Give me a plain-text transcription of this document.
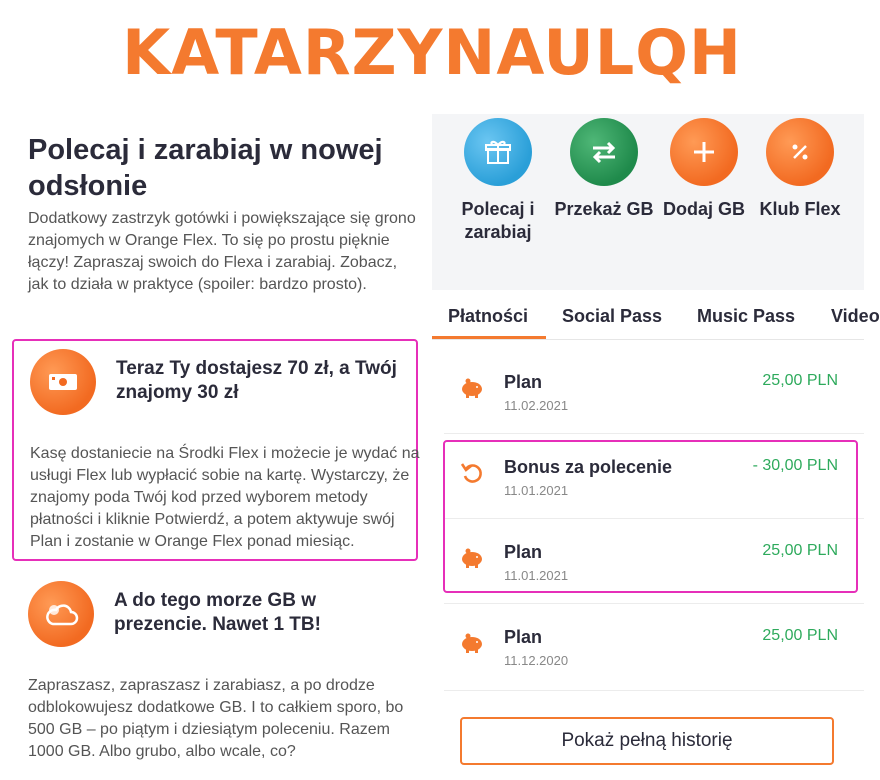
KATARZYNAULQH
Polecaj i zarabiaj w nowej odsłonie

Dodatkowy zastrzyk gotówki i powiększające się grono znajomych w Orange Flex. To się po prostu pięknie łączy! Zapraszaj swoich do Flexa i zarabiaj. Zobacz, jak to działa w praktyce (spoiler: bardzo prosto).

Teraz Ty dostajesz 70 zł, a Twój znajomy 30 zł
Kasę dostaniecie na Środki Flex i możecie je wydać na usługi Flex lub wypłacić sobie na kartę. Wystarczy, że znajomy poda Twój kod przed wyborem metody płatności i kliknie Potwierdź, a potem aktywuje swój Plan i zostanie w Orange Flex ponad miesiąc.
A do tego morze GB w prezencie. Nawet 1 TB!
Zapraszasz, zapraszasz i zarabiasz, a po drodze odblokowujesz dodatkowe GB. I to całkiem sporo, bo 500 GB – po piątym i dziesiątym poleceniu. Razem 1000 GB. Albo grubo, albo wcale, co?
Polecaj i zarabiaj
Przekaż GB Dodaj GB Klub Flex
Płatności Social Pass Music Pass Video
Plan
11.02.2021
25,00 PLN
Bonus za polecenie
11.01.2021
- 30,00 PLN
Plan
11.01.2021
25,00 PLN
Plan
11.12.2020
25,00 PLN
Pokaż pełną historię
